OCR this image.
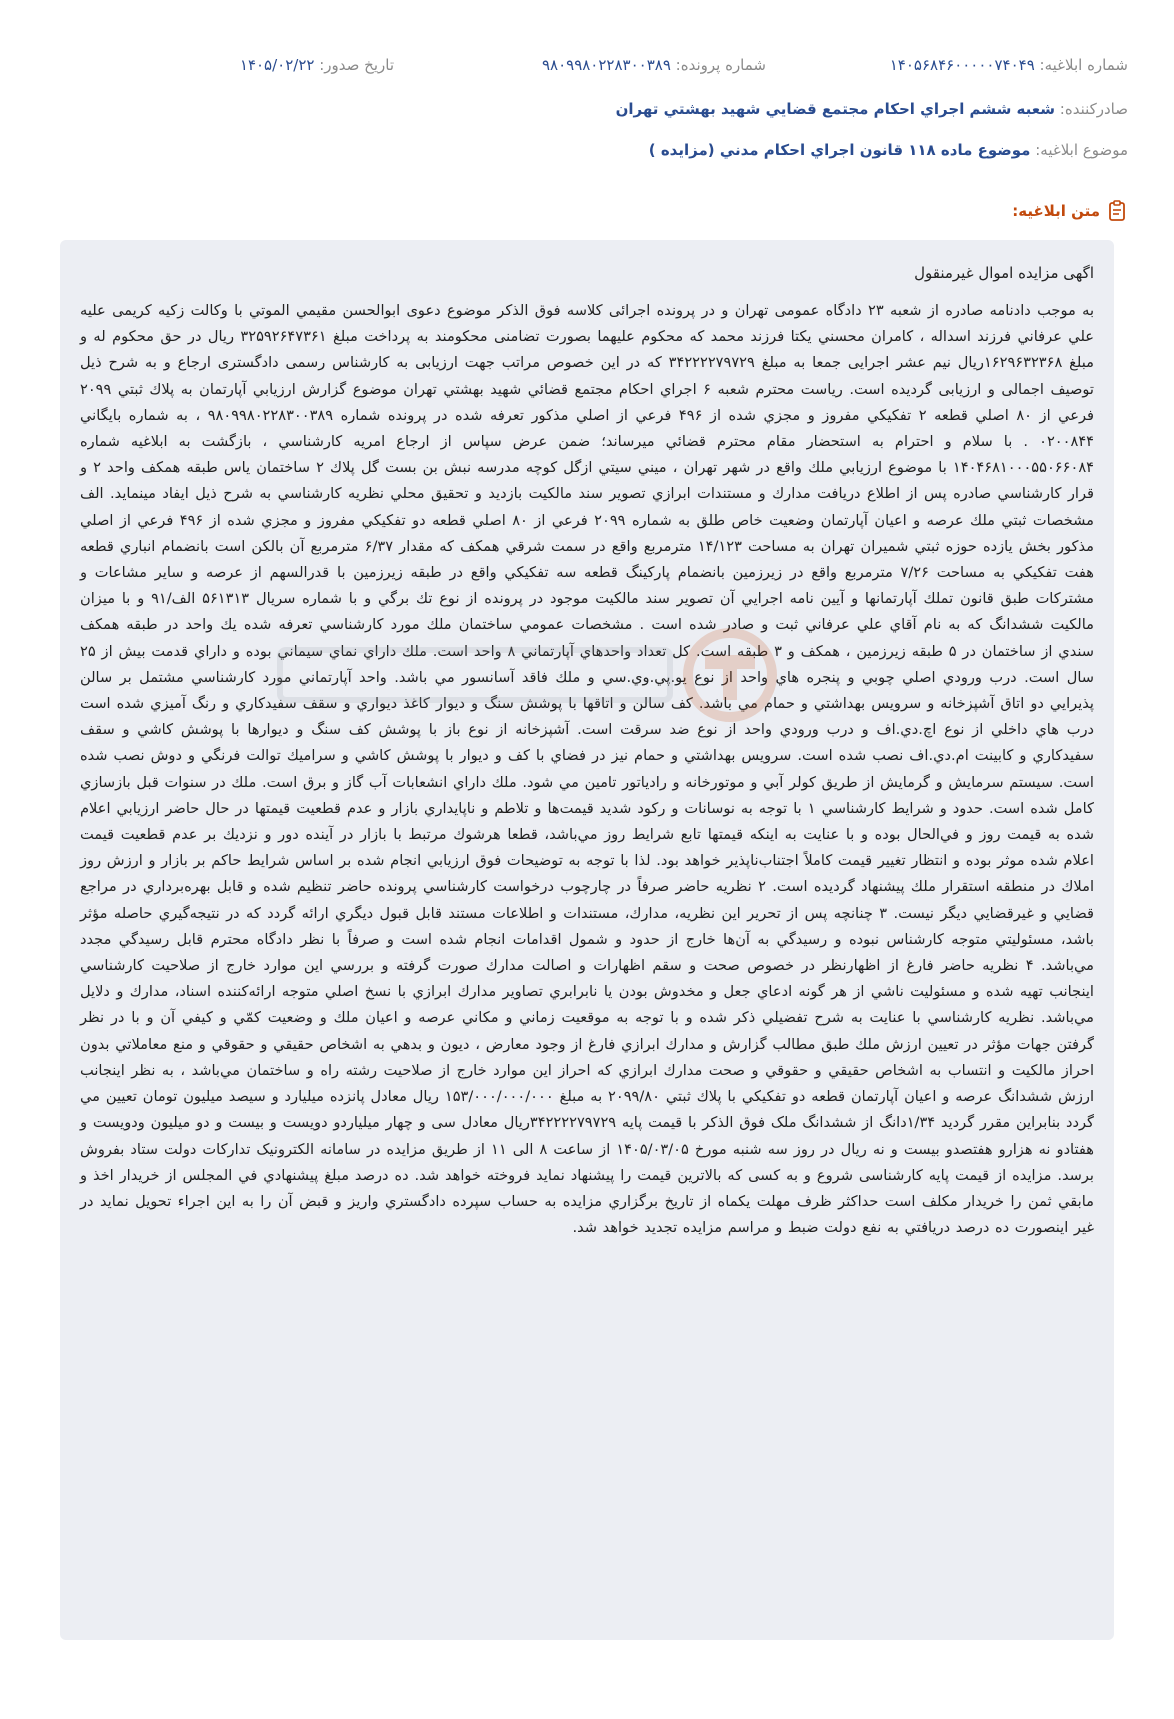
شماره ابلاغيه: ۱۴۰۵۶۸۴۶۰۰۰۰۰۷۴۰۴۹
شماره پرونده: ۹۸۰۹۹۸۰۲۲۸۳۰۰۳۸۹
تاريخ صدور: ۱۴۰۵/۰۲/۲۲
صادرکننده: شعبه ششم اجراي احکام مجتمع قضايي شهيد بهشتي تهران
موضوع ابلاغيه: موضوع ماده ۱۱۸ قانون اجراي احکام مدني (مزايده )
متن ابلاغيه:
اگهی مزايده اموال غيرمنقول
به موجب دادنامه صادره از شعبه ۲۳ دادگاه عمومی تهران و در پرونده اجرائی کلاسه فوق الذکر موضوع دعوی ابوالحسن مقيمي الموتي با وکالت زکيه کريمی عليه علي عرفاني فرزند اسداله ، کامران محسني يکتا فرزند محمد که محکوم عليهما بصورت تضامنی محکومند به پرداخت مبلغ ۳۲۵۹۲۶۴۷۳۶۱ ريال در حق محکوم له و مبلغ ۱۶۲۹۶۳۲۳۶۸ريال نيم عشر اجرايی جمعا به مبلغ ۳۴۲۲۲۲۷۹۷۲۹ که در اين خصوص مراتب جهت ارزيابی به کارشناس رسمی دادگستری ارجاع و به شرح ذيل توصيف اجمالی و ارزيابی گرديده است. رياست محترم شعبه ۶ اجراي احکام مجتمع قضائي شهيد بهشتي تهران موضوع گزارش ارزيابي آپارتمان به پلاك ثبتي ۲۰۹۹ فرعي از ۸۰ اصلي قطعه ۲ تفكيكي مفروز و مجزي شده از ۴۹۶ فرعي از اصلي مذكور تعرفه شده در پرونده شماره ۹۸۰۹۹۸۰۲۲۸۳۰۰۳۸۹ ، به شماره بايگاني ۰۲۰۰۸۴۴ . با سلام و احترام به استحضار مقام محترم قضائي ميرساند؛ ضمن عرض سپاس از ارجاع امريه كارشناسي ، بازگشت به ابلاغيه شماره ۱۴۰۴۶۸۱۰۰۰۵۵۰۶۶۰۸۴ با موضوع ارزيابي ملك واقع در شهر تهران ، ميني سيتي ازگل كوچه مدرسه نبش بن بست گل پلاك ۲ ساختمان ياس طبقه همكف واحد ۲ و قرار كارشناسي صادره پس از اطلاع دريافت مدارك و مستندات ابرازي تصوير سند مالكيت بازديد و تحقيق محلي نظريه كارشناسي به شرح ذيل ايفاد مينمايد. الف مشخصات ثبتي ملك عرصه و اعيان آپارتمان وضعيت خاص طلق به شماره ۲۰۹۹ فرعي از ۸۰ اصلي قطعه دو تفكيكي مفروز و مجزي شده از ۴۹۶ فرعي از اصلي مذكور بخش يازده حوزه ثبتي شميران تهران به مساحت ۱۴/۱۲۳ مترمربع واقع در سمت شرقي همكف كه مقدار ۶/۳۷ مترمربع آن بالكن است بانضمام انباري قطعه هفت تفكيكي به مساحت ۷/۲۶ مترمربع واقع در زيرزمين بانضمام پاركينگ قطعه سه تفكيكي واقع در طبقه زيرزمين با قدرالسهم از عرصه و ساير مشاعات و مشتركات طبق قانون تملك آپارتمانها و آيين نامه اجرايي آن تصوير سند مالكيت موجود در پرونده از نوع تك برگي و با شماره سريال ۵۶۱۳۱۳ الف/۹۱ و با ميزان مالكيت ششدانگ كه به نام آقاي علي عرفاني ثبت و صادر شده است . مشخصات عمومي ساختمان ملك مورد كارشناسي تعرفه شده يك واحد در طبقه همكف سندي از ساختمان در ۵ طبقه زيرزمين ، همكف و ۳ طبقه است. كل تعداد واحدهاي آپارتماني ۸ واحد است. ملك داراي نماي سيماني بوده و داراي قدمت بيش از ۲۵ سال است. درب ورودي اصلي چوبي و پنجره هاي واحد از نوع يو.پي.وي.سي و ملك فاقد آسانسور مي باشد. واحد آپارتماني مورد كارشناسي مشتمل بر سالن پذيرايي دو اتاق آشپزخانه و سرويس بهداشتي و حمام مي باشد. كف سالن و اتاقها با پوشش سنگ و ديوار كاغذ ديواري و سقف سفيدكاري و رنگ آميزي شده است درب هاي داخلي از نوع اچ.دي.اف و درب ورودي واحد از نوع ضد سرقت است. آشپزخانه از نوع باز با پوشش كف سنگ و ديوارها با پوشش كاشي و سقف سفيدكاري و كابينت ام.دي.اف نصب شده است. سرويس بهداشتي و حمام نيز در فضاي با كف و ديوار با پوشش كاشي و سراميك توالت فرنگي و دوش نصب شده است. سيستم سرمايش و گرمايش از طريق كولر آبي و موتورخانه و رادياتور تامين مي شود. ملك داراي انشعابات آب گاز و برق است. ملك در سنوات قبل بازسازي كامل شده است. حدود و شرايط كارشناسي ۱ با توجه به نوسانات و ركود شديد قيمت‌ها و تلاطم و ناپايداري بازار و عدم قطعيت قيمتها در حال حاضر ارزيابي اعلام شده به قيمت روز و في‌الحال بوده و با عنايت به اينكه قيمتها تابع شرايط روز مي‌باشد، قطعا هرشوك مرتبط با بازار در آينده دور و نزديك بر عدم قطعيت قيمت اعلام شده موثر بوده و انتظار تغيير قيمت كاملاً اجتناب‌ناپذير خواهد بود. لذا با توجه به توضيحات فوق ارزيابي انجام شده بر اساس شرايط حاكم بر بازار و ارزش روز املاك در منطقه استقرار ملك پيشنهاد گرديده است. ۲ نظريه حاضر صرفاً در چارچوب درخواست كارشناسي پرونده حاضر تنظيم شده و قابل بهره‌برداري در مراجع قضايي و غيرقضايي ديگر نيست. ۳ چنانچه پس از تحرير اين نظريه، مدارك، مستندات و اطلاعات مستند قابل قبول ديگري ارائه گردد كه در نتيجه‌گيري حاصله مؤثر باشد، مسئوليتي متوجه كارشناس نبوده و رسيدگي به آن‌ها خارج از حدود و شمول اقدامات انجام شده است و صرفاً با نظر دادگاه محترم قابل رسيدگي مجدد مي‌باشد. ۴ نظريه حاضر فارغ از اظهارنظر در خصوص صحت و سقم اظهارات و اصالت مدارك صورت گرفته و بررسي اين موارد خارج از صلاحيت كارشناسي اينجانب تهيه شده و مسئوليت ناشي از هر گونه ادعاي جعل و مخدوش بودن يا نابرابري تصاوير مدارك ابرازي با نسخ اصلي متوجه ارائه‌كننده اسناد، مدارك و دلايل مي‌باشد. نظريه كارشناسي با عنايت به شرح تفضيلي ذكر شده و با توجه به موقعيت زماني و مكاني عرصه و اعيان ملك و وضعيت كمّي و كيفي آن و با در نظر گرفتن جهات مؤثر در تعيين ارزش ملك طبق مطالب گزارش و مدارك ابرازي فارغ از وجود معارض ، ديون و بدهي به اشخاص حقيقي و حقوقي و منع معاملاتي بدون احراز مالكيت و انتساب به اشخاص حقيقي و حقوقي و صحت مدارك ابرازي كه احراز اين موارد خارج از صلاحيت رشته راه و ساختمان مي‌باشد ، به نظر اينجانب ارزش ششدانگ عرصه و اعيان آپارتمان قطعه دو تفكيكي با پلاك ثبتي ۲۰۹۹/۸۰ به مبلغ ۱۵۳/۰۰۰/۰۰۰/۰۰۰ ريال معادل پانزده ميليارد و سيصد ميليون تومان تعيين مي گردد بنابراين مقرر گرديد ۱/۳۴دانگ از ششدانگ ملک فوق الذکر با قيمت پايه ۳۴۲۲۲۲۷۹۷۲۹ريال معادل سی و چهار ميلياردو دويست و بيست و دو ميليون ودويست و هفتادو نه هزارو هفتصدو بيست و نه ريال در روز سه شنبه مورخ ۱۴۰۵/۰۳/۰۵ از ساعت ۸ الی ۱۱ از طريق مزايده در سامانه الکترونيک تدارکات دولت ستاد بفروش برسد. مزايده از قيمت پايه کارشناسی شروع و به کسی که بالاترين قيمت را پيشنهاد نمايد فروخته خواهد شد. ده درصد مبلغ پيشنهادي في المجلس از خريدار اخذ و مابقي ثمن را خريدار مکلف است حداکثر ظرف مهلت يکماه از تاريخ برگزاري مزايده به حساب سپرده دادگستري واريز و قبض آن را به اين اجراء تحويل نمايد در غير اينصورت ده درصد دريافتي به نفع دولت ضبط و مراسم مزايده تجديد خواهد شد.
